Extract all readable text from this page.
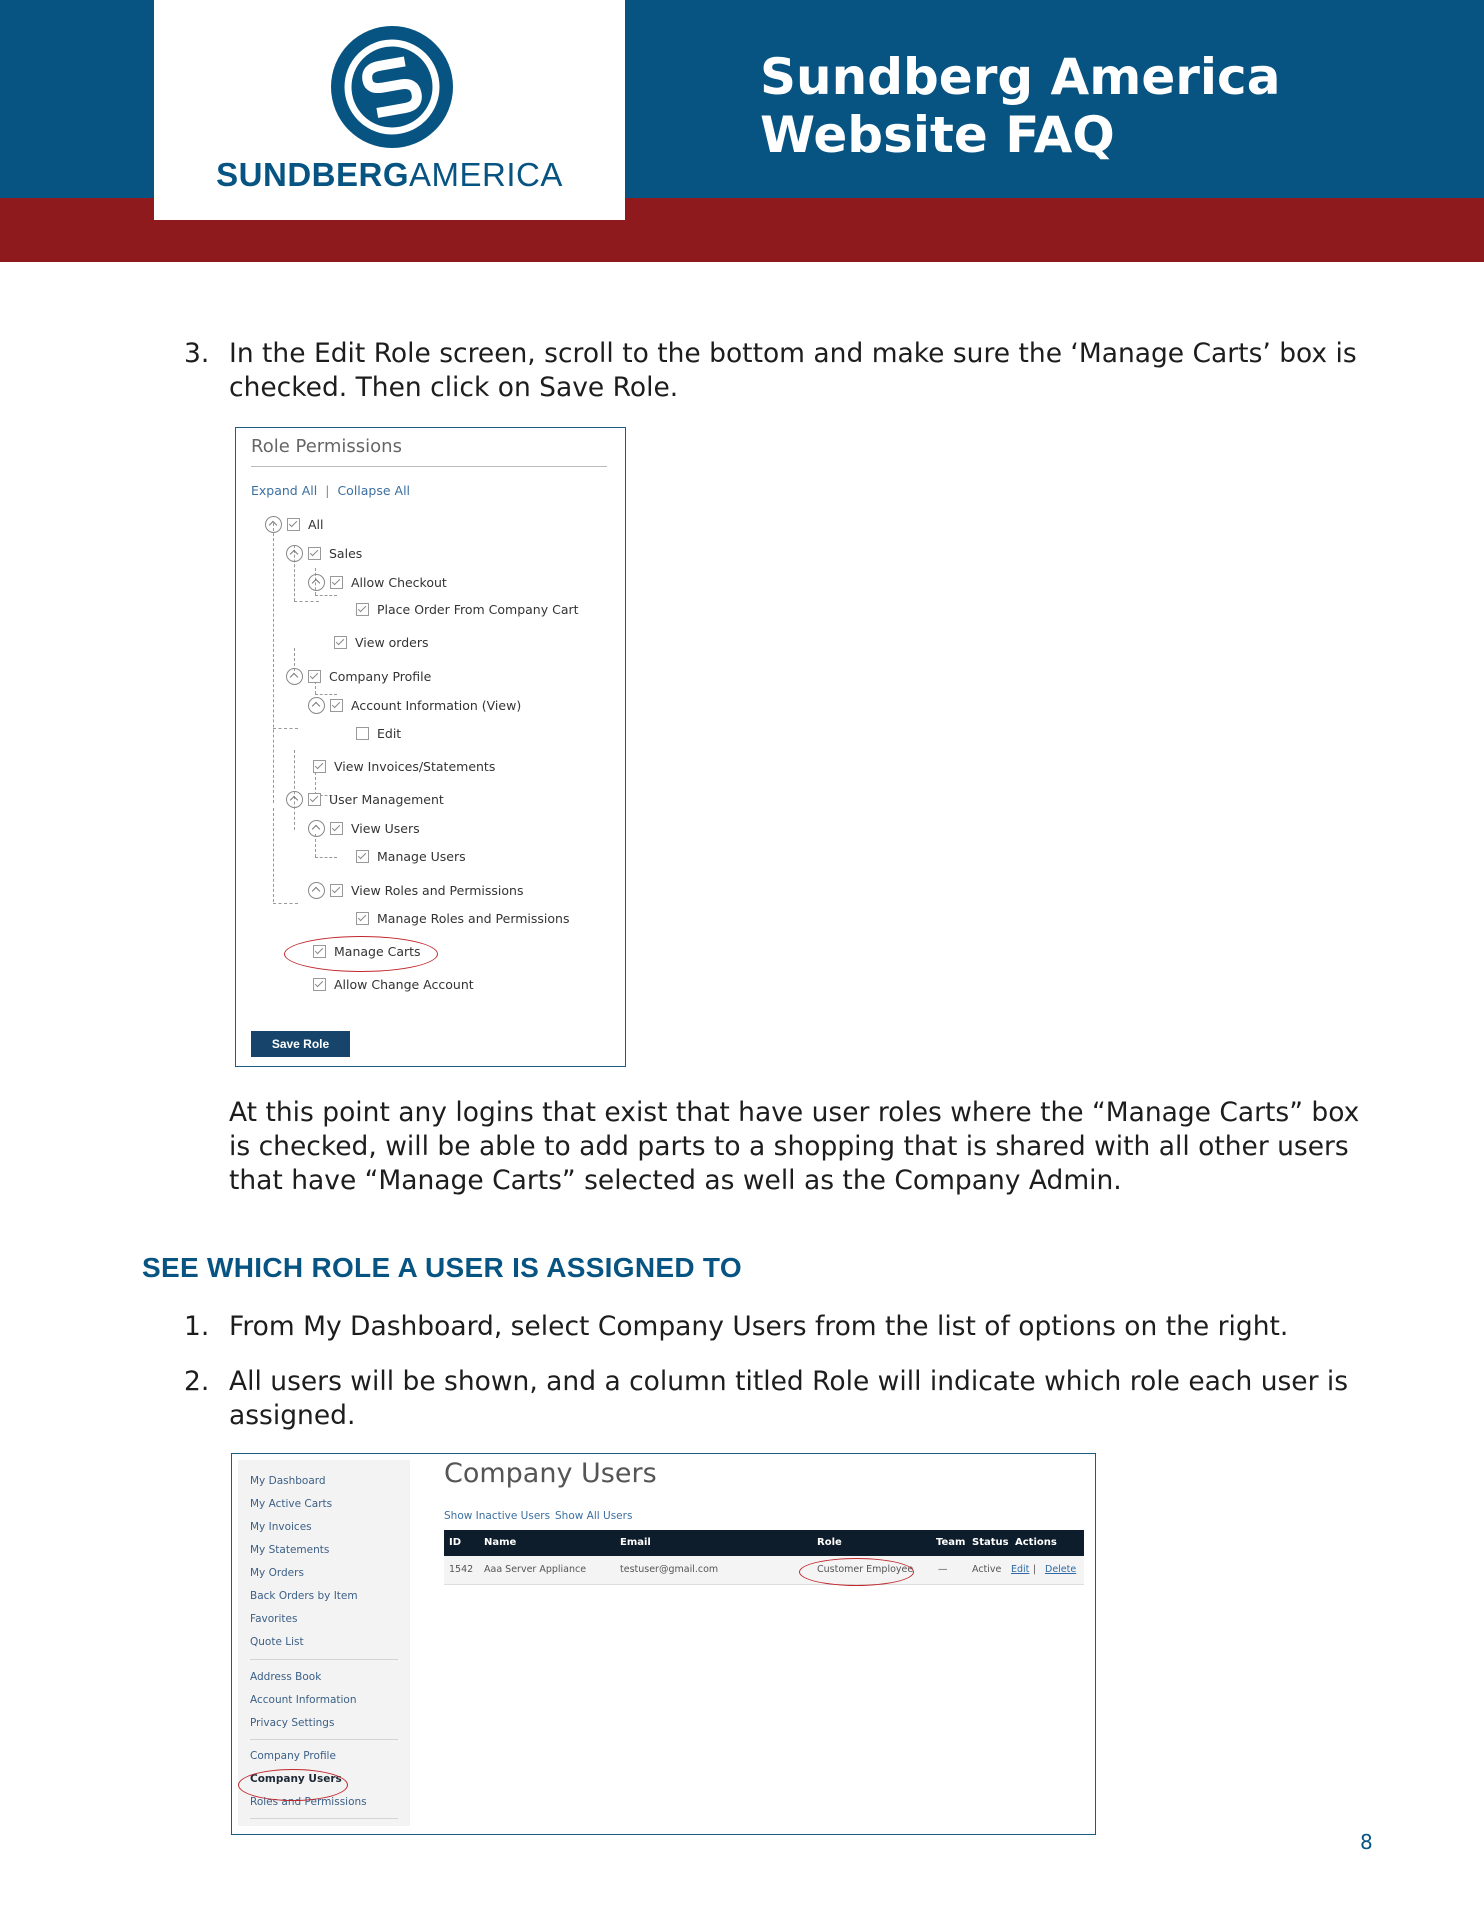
SUNDBERGAMERICA
Sundberg America
Website FAQ
3. In the Edit Role screen, scroll to the bottom and make sure the ‘Manage Carts’ box is
checked. Then click on Save Role.
Role Permissions
Expand All | Collapse All
All
Sales
Allow Checkout
Place Order From Company Cart
View orders
Company Profile
Account Information (View)
Edit
View Invoices/Statements
User Management
View Users
Manage Users
View Roles and Permissions
Manage Roles and Permissions
Manage Carts
Allow Change Account
Save Role
At this point any logins that exist that have user roles where the “Manage Carts” box
is checked, will be able to add parts to a shopping that is shared with all other users
that have “Manage Carts” selected as well as the Company Admin.
SEE WHICH ROLE A USER IS ASSIGNED TO
1. From My Dashboard, select Company Users from the list of options on the right.
2. All users will be shown, and a column titled Role will indicate which role each user is
assigned.
My Dashboard
My Active Carts
My Invoices
My Statements
My Orders
Back Orders by Item
Favorites
Quote List
Address Book
Account Information
Privacy Settings
Company Profile
Company Users
Roles and Permissions
Company Users
Show Inactive Users Show All Users
ID Name	Email	Role	Team Status Actions
1542 Aaa Server Appliance	testuser@gmail.com	Customer Employee	—	Active Edit | Delete
8
